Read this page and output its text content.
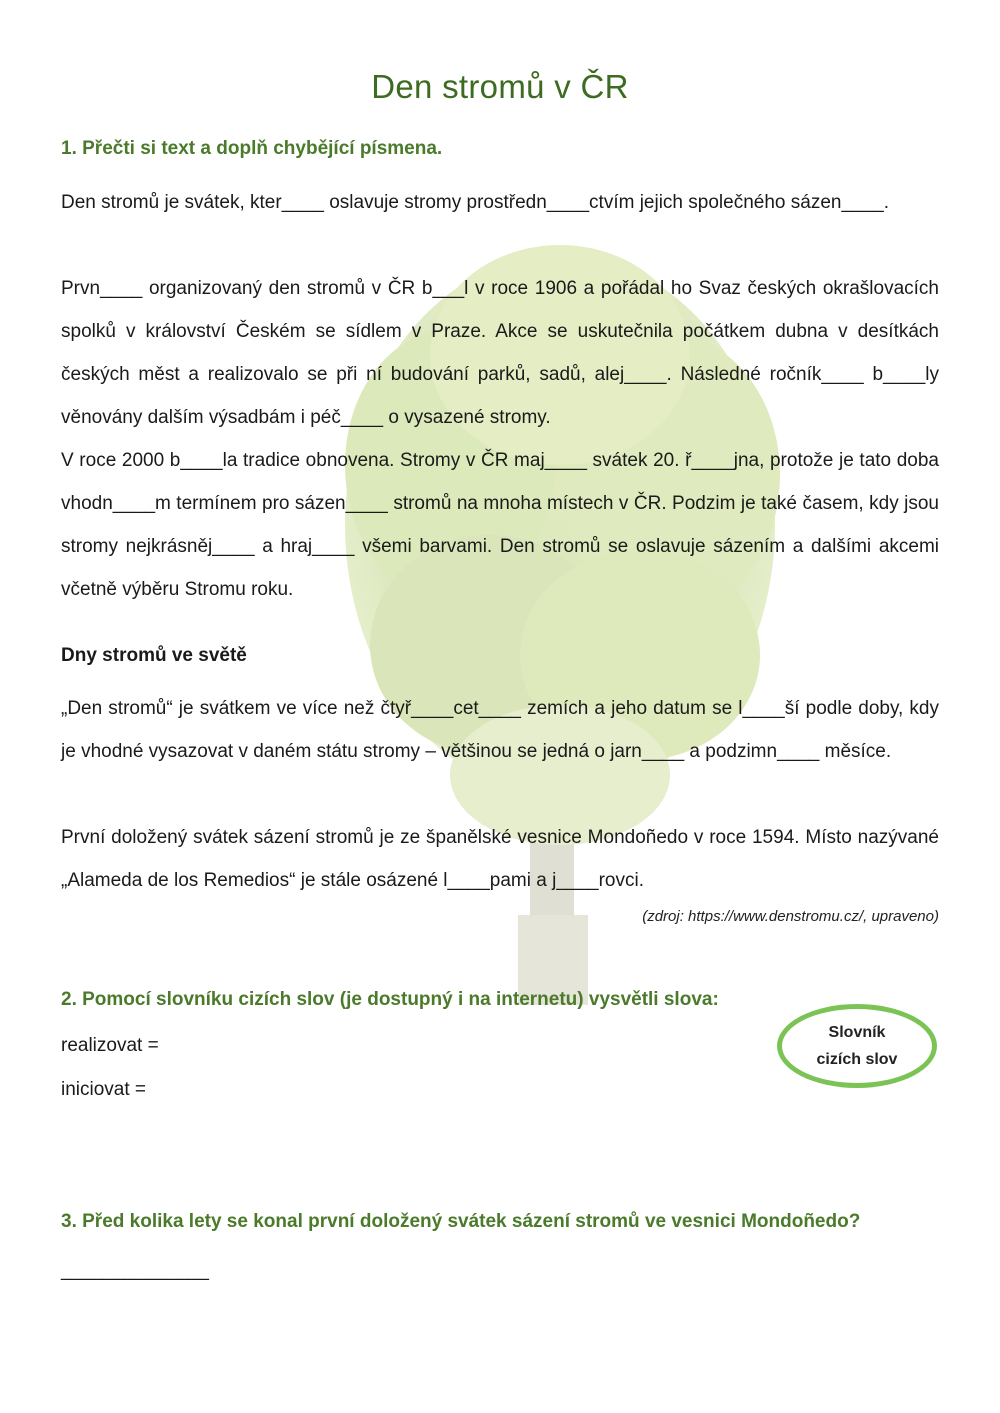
Den stromů v ČR
1. Přečti si text a doplň chybějící písmena.

Den stromů je svátek, kter____ oslavuje stromy prostředn____ctvím jejich společného sázen____.

Prvn____ organizovaný den stromů v ČR b___l v roce 1906 a pořádal ho Svaz českých okrašlovacích spolků v království Českém se sídlem v Praze. Akce se uskutečnila počátkem dubna v desítkách českých měst a realizovalo se při ní budování parků, sadů, alej____. Následné ročník____ b____ly věnovány dalším výsadbám i péč____ o vysazené stromy.

V roce 2000 b____la tradice obnovena. Stromy v ČR maj____ svátek 20. ř____jna, protože je tato doba vhodn____m termínem pro sázen____ stromů na mnoha místech v ČR. Podzim je také časem, kdy jsou stromy nejkrásněj____ a hraj____ všemi barvami. Den stromů se oslavuje sázením a dalšími akcemi včetně výběru Stromu roku.

Dny stromů ve světě

„Den stromů“ je svátkem ve více než čtyř____cet____ zemích a jeho datum se l____ší podle doby, kdy je vhodné vysazovat v daném státu stromy – většinou se jedná o jarn____ a podzimn____ měsíce.

První doložený svátek sázení stromů je ze španělské vesnice Mondoñedo v roce 1594. Místo nazývané „Alameda de los Remedios“ je stále osázené l____pami a j____rovci.

(zdroj: https://www.denstromu.cz/, upraveno)
2. Pomocí slovníku cizích slov (je dostupný i na internetu) vysvětli slova:
realizovat =
iniciovat =
Slovník
cizích slov
3. Před kolika lety se konal první doložený svátek sázení stromů ve vesnici Mondoñedo?
______________
